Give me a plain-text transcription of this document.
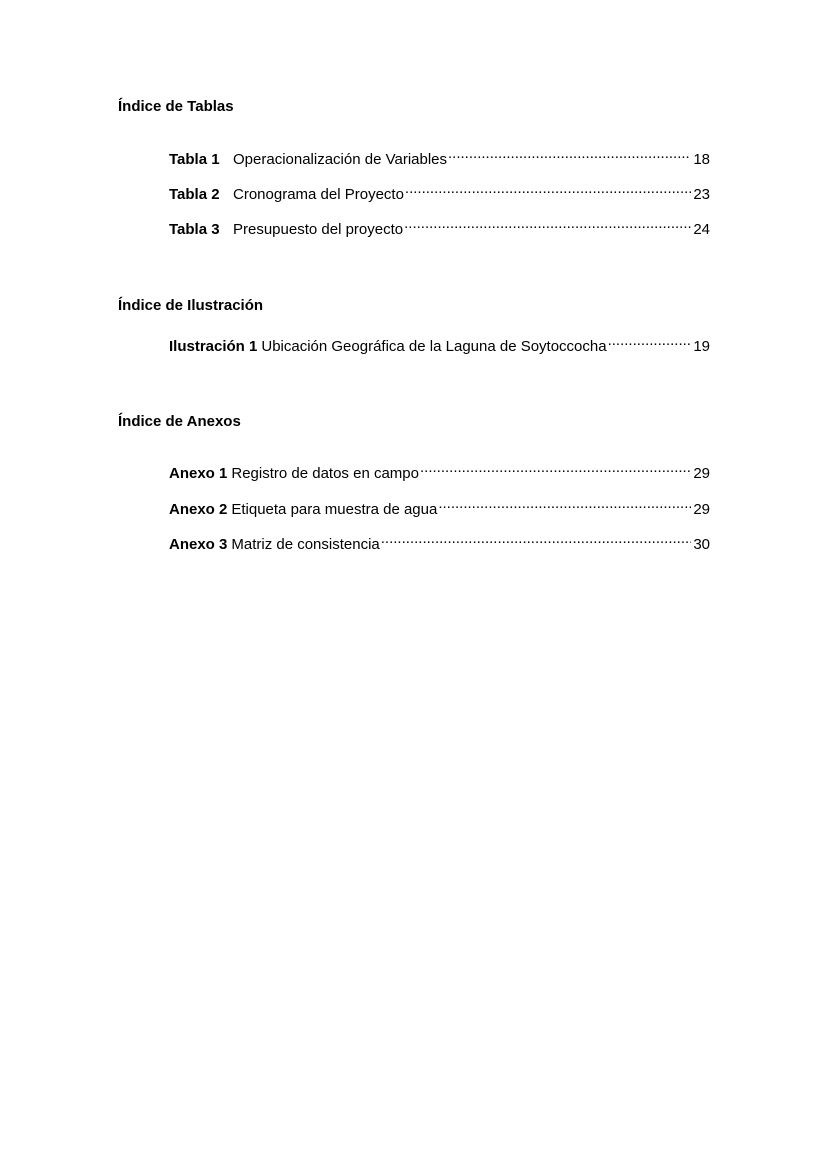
Índice de Tablas
Tabla 1 Operacionalización de Variables .....	18
Tabla 2 Cronograma del Proyecto .....	23
Tabla 3 Presupuesto del proyecto .....	24
Índice de Ilustración
Ilustración 1 Ubicación Geográfica de la Laguna de Soytoccocha .....	19
Índice de Anexos
Anexo 1 Registro de datos en campo .....	29
Anexo 2 Etiqueta para muestra de agua .....	29
Anexo 3 Matriz de consistencia .....	30
